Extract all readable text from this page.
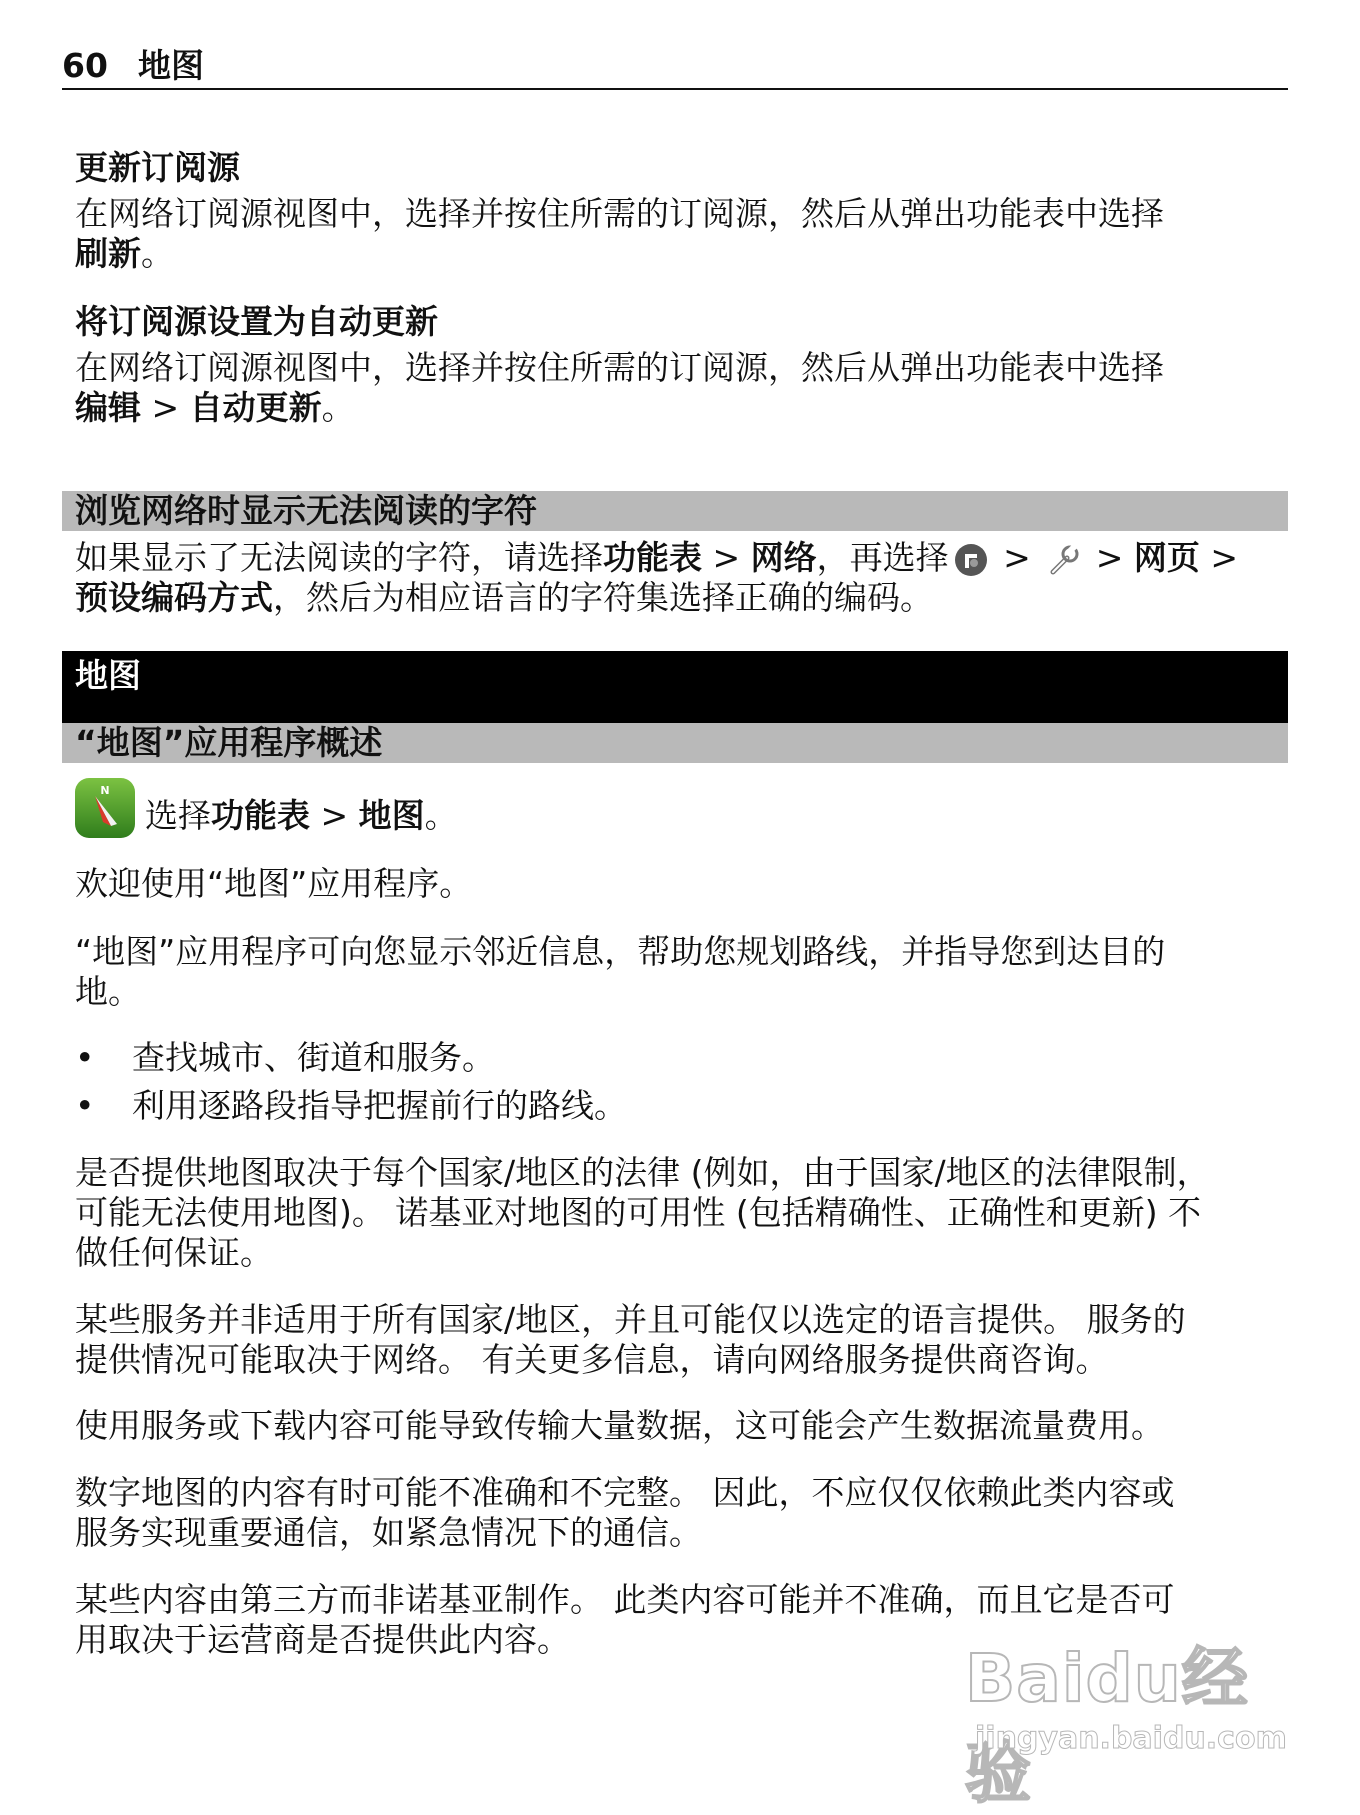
60 地图
更新订阅源
在网络订阅源视图中，选择并按住所需的订阅源，然后从弹出功能表中选择
刷新。
将订阅源设置为自动更新
在网络订阅源视图中，选择并按住所需的订阅源，然后从弹出功能表中选择
编辑 > 自动更新。
浏览网络时显示无法阅读的字符
如果显示了无法阅读的字符，请选择功能表 > 网络，再选择 >  > 网页 >
预设编码方式，然后为相应语言的字符集选择正确的编码。
地图
“地图”应用程序概述
N
选择功能表 > 地图。
欢迎使用“地图”应用程序。
“地图”应用程序可向您显示邻近信息，帮助您规划路线，并指导您到达目的
地。
• 查找城市、街道和服务。
• 利用逐路段指导把握前行的路线。
是否提供地图取决于每个国家/地区的法律 (例如，由于国家/地区的法律限制，
可能无法使用地图)。 诺基亚对地图的可用性 (包括精确性、正确性和更新) 不
做任何保证。
某些服务并非适用于所有国家/地区，并且可能仅以选定的语言提供。 服务的
提供情况可能取决于网络。 有关更多信息，请向网络服务提供商咨询。
使用服务或下载内容可能导致传输大量数据，这可能会产生数据流量费用。
数字地图的内容有时可能不准确和不完整。 因此，不应仅仅依赖此类内容或
服务实现重要通信，如紧急情况下的通信。
某些内容由第三方而非诺基亚制作。 此类内容可能并不准确，而且它是否可
用取决于运营商是否提供此内容。
Baidu经验
jingyan.baidu.com
